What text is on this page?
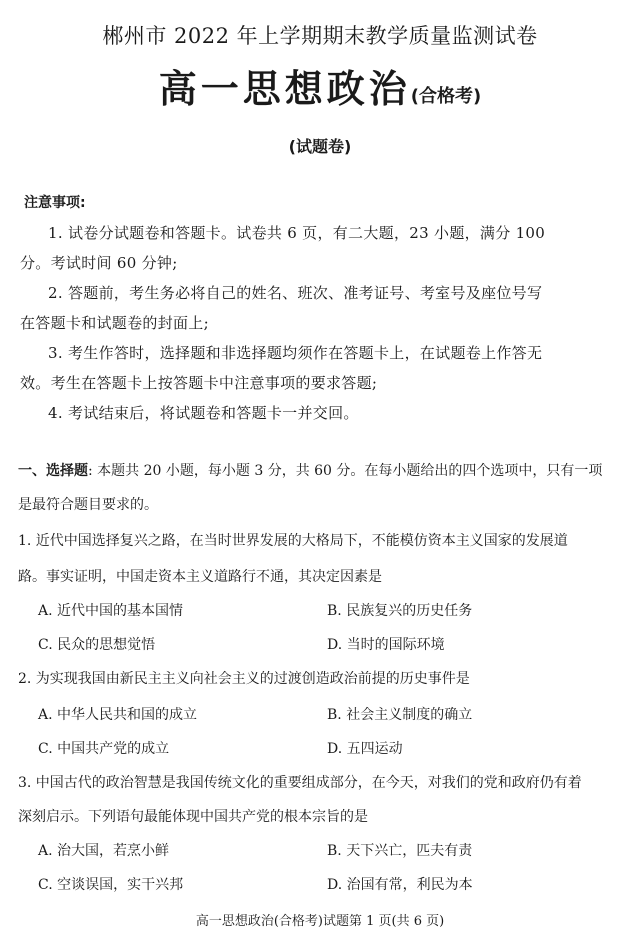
郴州市 2022 年上学期期末教学质量监测试卷
高一思想政治(合格考)
(试题卷)
注意事项:
1. 试卷分试题卷和答题卡。试卷共 6 页，有二大题，23 小题，满分 100
分。考试时间 60 分钟;
2. 答题前，考生务必将自己的姓名、班次、准考证号、考室号及座位号写
在答题卡和试题卷的封面上;
3. 考生作答时，选择题和非选择题均须作在答题卡上，在试题卷上作答无
效。考生在答题卡上按答题卡中注意事项的要求答题;
4. 考试结束后，将试题卷和答题卡一并交回。
一、选择题: 本题共 20 小题，每小题 3 分，共 60 分。在每小题给出的四个选项中，只有一项
是最符合题目要求的。
1. 近代中国选择复兴之路，在当时世界发展的大格局下，不能模仿资本主义国家的发展道
路。事实证明，中国走资本主义道路行不通，其决定因素是
A. 近代中国的基本国情	B. 民族复兴的历史任务
C. 民众的思想觉悟	D. 当时的国际环境
2. 为实现我国由新民主主义向社会主义的过渡创造政治前提的历史事件是
A. 中华人民共和国的成立	B. 社会主义制度的确立
C. 中国共产党的成立	D. 五四运动
3. 中国古代的政治智慧是我国传统文化的重要组成部分，在今天，对我们的党和政府仍有着
深刻启示。下列语句最能体现中国共产党的根本宗旨的是
A. 治大国，若烹小鲜	B. 天下兴亡，匹夫有责
C. 空谈误国，实干兴邦	D. 治国有常，利民为本
高一思想政治(合格考)试题第 1 页(共 6 页)
